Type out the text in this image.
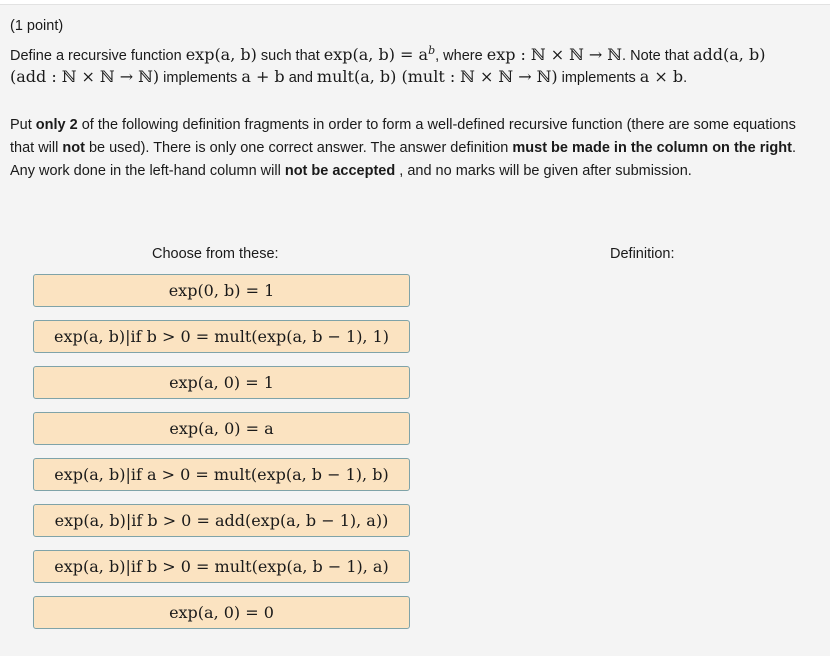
(1 point)
Define a recursive function exp(a, b) such that exp(a, $b) = a^b$, where exp : ℕ × ℕ → ℕ. Note that add(a, b)
(add : ℕ × ℕ → ℕ) implements a + b and mult(a, b) (mult : ℕ × ℕ → ℕ) implements a × b.
Put only 2 of the following definition fragments in order to form a well-defined recursive function (there are some equations that will not be used). There is only one correct answer. The answer definition must be made in the column on the right. Any work done in the left-hand column will not be accepted , and no marks will be given after submission.
Choose from these:	Definition:
exp(0, b) = 1
exp(a, b)|if b > 0 = mult(exp(a, b − 1), 1)
exp(a, 0) = 1
exp(a, 0) = a
exp(a, b)|if a > 0 = mult(exp(a, b − 1), b)
exp(a, b)|if b > 0 = add(exp(a, b − 1), a))
exp(a, b)|if b > 0 = mult(exp(a, b − 1), a)
exp(a, 0) = 0
